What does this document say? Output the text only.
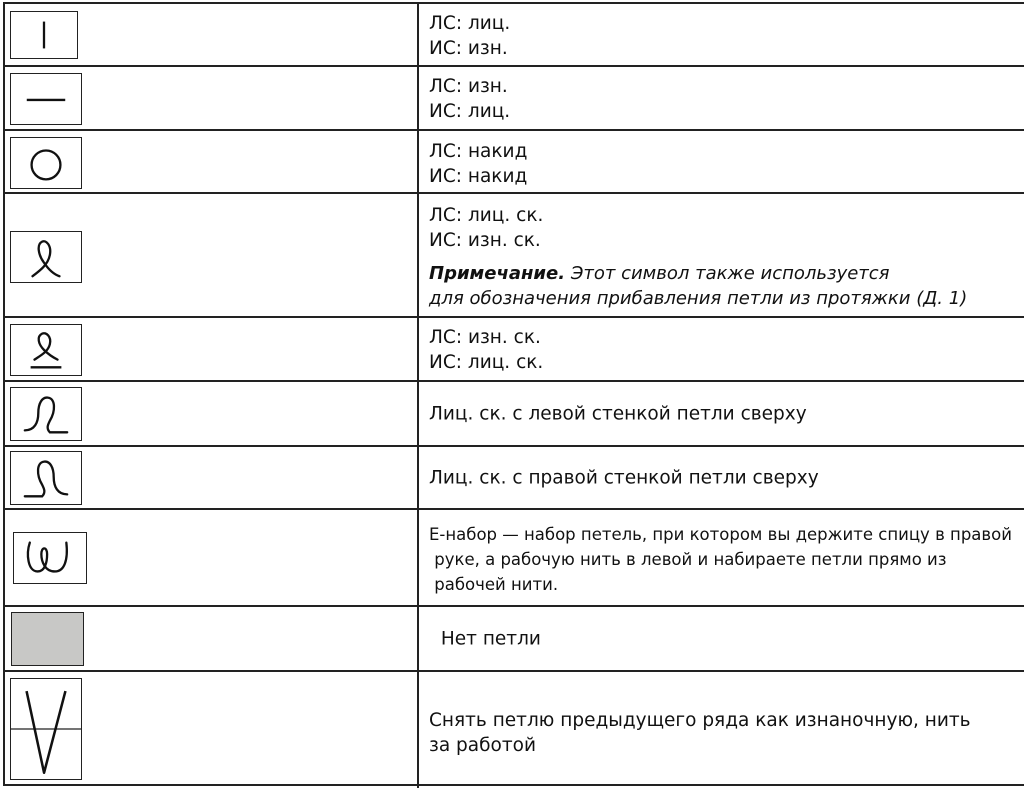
ЛС: лиц.
ИС: изн.
ЛС: изн.
ИС: лиц.
ЛС: накид
ИС: накид
ЛС: лиц. ск.
ИС: изн. ск.
Примечание. Этот символ также используется
для обозначения прибавления петли из протяжки (Д. 1)
ЛС: изн. ск.
ИС: лиц. ск.
Лиц. ск. с левой стенкой петли сверху
Лиц. ск. с правой стенкой петли сверху
Е-набор — набор петель, при котором вы держите спицу в правой
руке, а рабочую нить в левой и набираете петли прямо из
рабочей нити.
Нет петли
Снять петлю предыдущего ряда как изнаночную, нить
за работой
